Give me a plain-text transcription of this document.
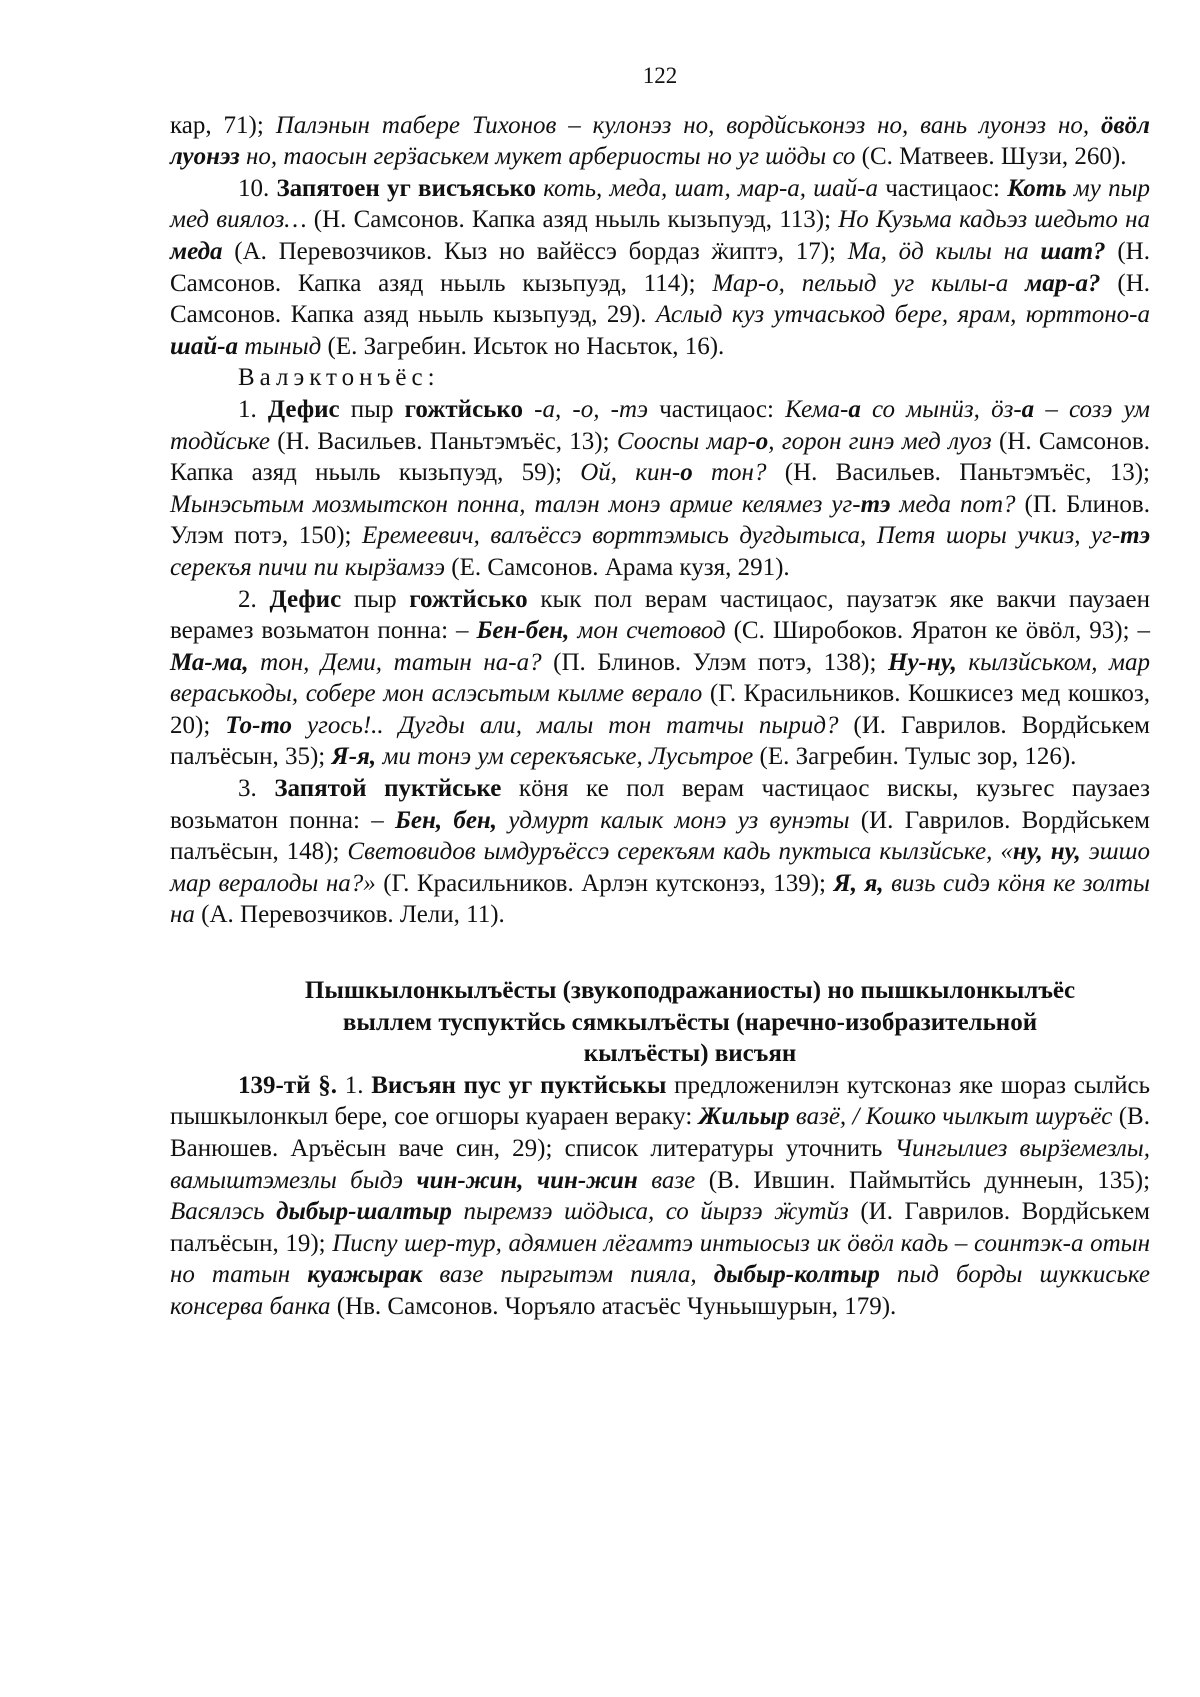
122

кар, 71); Палэнын табере Тихонов – кулонэз но, вордйськонэз но, вань луонэз но, ӧвӧл луонэз но, таосын герӟаськем мукет арбериосты но уг шӧды со (С. Матвеев. Шузи, 260).

10. Запятоен уг висъясько коть, меда, шат, мар-а, шай-а частицаос: Коть му пыр мед виялоз… (Н. Самсонов. Капка азяд ньыль кызьпуэд, 113); Но Кузьма кадьэз шедьто на меда (А. Перевозчиков. Кыз но вайёссэ бордаз ӝиптэ, 17); Ма, ӧд кылы на шат? (Н. Самсонов. Капка азяд ньыль кызьпуэд, 114); Мар-о, пельыд уг кылы-а мар-а? (Н. Самсонов. Капка азяд ньыль кызьпуэд, 29). Аслыд куз утчаськод бере, ярам, юрттоно-а шай-а тыныд (Е. Загребин. Исьток но Насьток, 16).

Валэктонъёс:

1. Дефис пыр гожтйсько -а, -о, -тэ частицаос: Кема-а со мынӥз, ӧз-а – созэ ум тодйське (Н. Васильев. Паньтэмъёс, 13); Сооспы мар-о, горон гинэ мед луоз (Н. Самсонов. Капка азяд ньыль кызьпуэд, 59); Ой, кин-о тон? (Н. Васильев. Паньтэмъёс, 13); Мынэсьтым мозмытскон понна, талэн монэ армие келямез уг-тэ меда пот? (П. Блинов. Улэм потэ, 150); Еремеевич, валъёссэ ворттэмысь дугдытыса, Петя шоры учкиз, уг-тэ серекъя пичи пи кырӟамзэ (Е. Самсонов. Арама кузя, 291).

2. Дефис пыр гожтйсько кык пол верам частицаос, паузатэк яке вакчи паузаен верамез возьматон понна: – Бен-бен, мон счетовод (С. Широбоков. Яратон ке ӧвӧл, 93); – Ма-ма, тон, Деми, татын на-а? (П. Блинов. Улэм потэ, 138); Ну-ну, кылзйськом, мар вераськоды, собере мон аслэсьтым кылме верало (Г. Красильников. Кошкисез мед кошкоз, 20); То-то угось!.. Дугды али, малы тон татчы пырид? (И. Гаврилов. Вордйськем палъёсын, 35); Я-я, ми тонэ ум серекъяське, Лусьтрое (Е. Загребин. Тулыс зор, 126).

3. Запятой пуктйське кӧня ке пол верам частицаос вискы, кузьгес паузаез возьматон понна: – Бен, бен, удмурт калык монэ уз вунэты (И. Гаврилов. Вордйськем палъёсын, 148); Световидов ымдуръёссэ серекъям кадь пуктыса кылзйське, «ну, ну, эшшо мар вералоды на?» (Г. Красильников. Арлэн кутсконэз, 139); Я, я, визь сидэ кӧня ке золты на (А. Перевозчиков. Лели, 11).

Пышкылонкылъёсты (звукоподражаниосты) но пышкылонкылъёс
выллем туспуктйсь сямкылъёсты (наречно-изобразительной
кылъёсты) висъян

139-тй §. 1. Висъян пус уг пуктйськы предложенилэн кутсконаз яке шораз сылйсь пышкылонкыл бере, сое огшоры куараен вераку: Жильыр вазё, / Кошко чылкыт шуръёс (В. Ванюшев. Аръёсын ваче син, 29); список литературы уточнить Чингылиез вырӟемезлы, вамыштэмезлы быдэ чин-жин, чин-жин вазе (В. Ившин. Паймытйсь дуннеын, 135); Васялэсь дыбыр-шалтыр пыремзэ шӧдыса, со йырзэ ӝутйз (И. Гаврилов. Вордйськем палъёсын, 19); Писпу шер-тур, адямиен лёгамтэ интыосыз ик ӧвӧл кадь – соинтэк-а отын но татын куажырак вазе пыргытэм пияла, дыбыр-колтыр пыд борды шуккиське консерва банка (Нв. Самсонов. Чоръяло атасъёс Чуньышурын, 179).
